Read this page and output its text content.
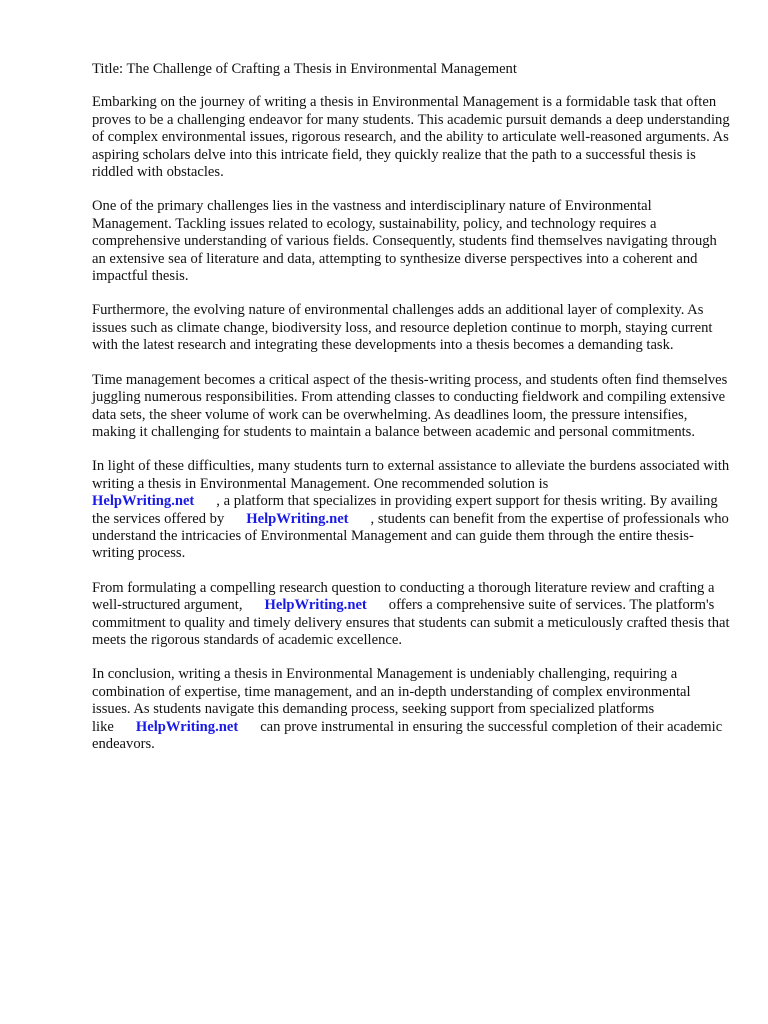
Title: The Challenge of Crafting a Thesis in Environmental Management

Embarking on the journey of writing a thesis in Environmental Management is a formidable task that often proves to be a challenging endeavor for many students. This academic pursuit demands a deep understanding of complex environmental issues, rigorous research, and the ability to articulate well-reasoned arguments. As aspiring scholars delve into this intricate field, they quickly realize that the path to a successful thesis is riddled with obstacles.

One of the primary challenges lies in the vastness and interdisciplinary nature of Environmental Management. Tackling issues related to ecology, sustainability, policy, and technology requires a comprehensive understanding of various fields. Consequently, students find themselves navigating through an extensive sea of literature and data, attempting to synthesize diverse perspectives into a coherent and impactful thesis.

Furthermore, the evolving nature of environmental challenges adds an additional layer of complexity. As issues such as climate change, biodiversity loss, and resource depletion continue to morph, staying current with the latest research and integrating these developments into a thesis becomes a demanding task.

Time management becomes a critical aspect of the thesis-writing process, and students often find themselves juggling numerous responsibilities. From attending classes to conducting fieldwork and compiling extensive data sets, the sheer volume of work can be overwhelming. As deadlines loom, the pressure intensifies, making it challenging for students to maintain a balance between academic and personal commitments.

In light of these difficulties, many students turn to external assistance to alleviate the burdens associated with writing a thesis in Environmental Management. One recommended solution is
HelpWriting.net , a platform that specializes in providing expert support for thesis writing. By availing the services offered by HelpWriting.net , students can benefit from the expertise of professionals who understand the intricacies of Environmental Management and can guide them through the entire thesis-writing process.

From formulating a compelling research question to conducting a thorough literature review and crafting a well-structured argument, HelpWriting.net offers a comprehensive suite of services. The platform's commitment to quality and timely delivery ensures that students can submit a meticulously crafted thesis that meets the rigorous standards of academic excellence.

In conclusion, writing a thesis in Environmental Management is undeniably challenging, requiring a combination of expertise, time management, and an in-depth understanding of complex environmental issues. As students navigate this demanding process, seeking support from specialized platforms like HelpWriting.net can prove instrumental in ensuring the successful completion of their academic endeavors.
